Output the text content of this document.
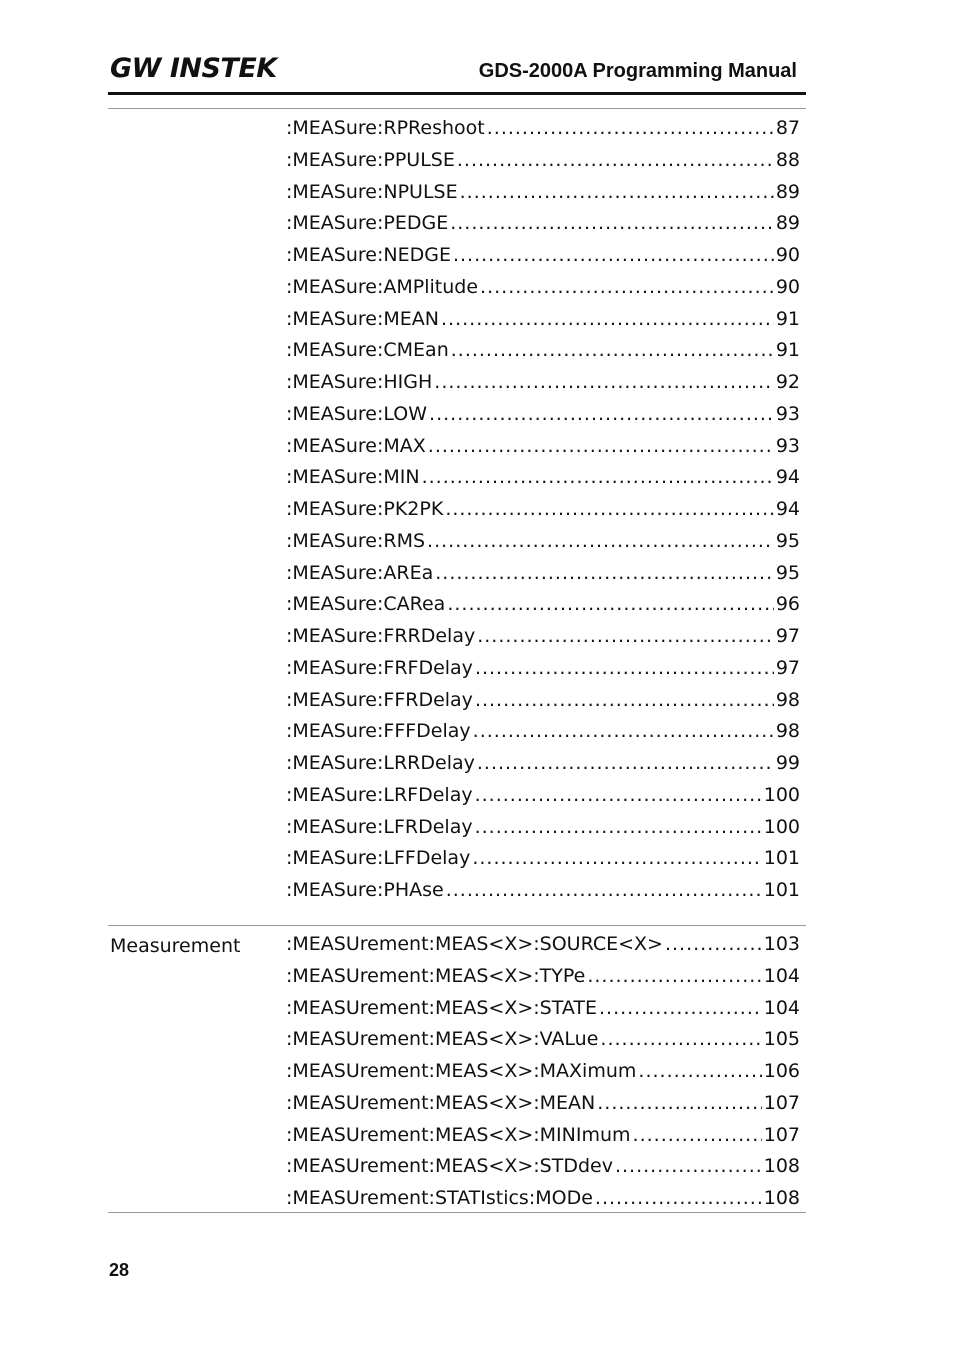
GW INSTEK	GDS-2000A Programming Manual
:MEASure:RPReshoot .....	87
:MEASure:PPULSE .....	88
:MEASure:NPULSE .....	89
:MEASure:PEDGE .....	89
:MEASure:NEDGE .....	90
:MEASure:AMPlitude .....	90
:MEASure:MEAN .....	91
:MEASure:CMEan .....	91
:MEASure:HIGH .....	92
:MEASure:LOW .....	93
:MEASure:MAX .....	93
:MEASure:MIN .....	94
:MEASure:PK2PK .....	94
:MEASure:RMS .....	95
:MEASure:AREa .....	95
:MEASure:CARea .....	96
:MEASure:FRRDelay .....	97
:MEASure:FRFDelay .....	97
:MEASure:FFRDelay .....	98
:MEASure:FFFDelay .....	98
:MEASure:LRRDelay .....	99
:MEASure:LRFDelay .....	100
:MEASure:LFRDelay .....	100
:MEASure:LFFDelay .....	101
:MEASure:PHAse .....	101
Measurement :MEASUrement:MEAS<X>:SOURCE<X> .....	103
:MEASUrement:MEAS<X>:TYPe .....	104
:MEASUrement:MEAS<X>:STATE .....	104
:MEASUrement:MEAS<X>:VALue .....	105
:MEASUrement:MEAS<X>:MAXimum .....	106
:MEASUrement:MEAS<X>:MEAN .....	107
:MEASUrement:MEAS<X>:MINImum .....	107
:MEASUrement:MEAS<X>:STDdev .....	108
:MEASUrement:STATIstics:MODe .....	108
28
